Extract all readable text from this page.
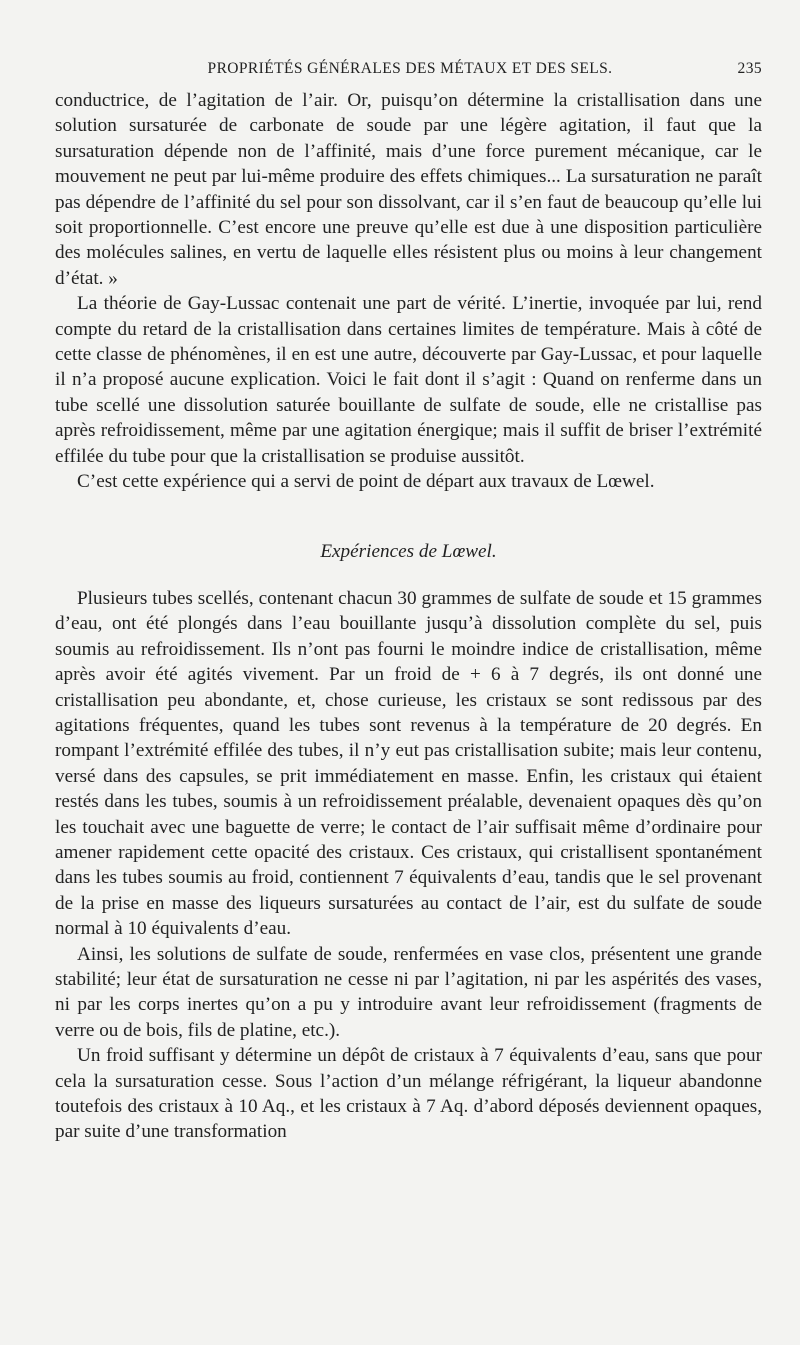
PROPRIÉTÉS GÉNÉRALES DES MÉTAUX ET DES SELS.	235

conductrice, de l’agitation de l’air. Or, puisqu’on détermine la cristallisation dans une solution sursaturée de carbonate de soude par une légère agitation, il faut que la sursaturation dépende non de l’affinité, mais d’une force purement mécanique, car le mouvement ne peut par lui-même produire des effets chimiques... La sursaturation ne paraît pas dépendre de l’affinité du sel pour son dissolvant, car il s’en faut de beaucoup qu’elle lui soit proportionnelle. C’est encore une preuve qu’elle est due à une disposition particulière des molécules salines, en vertu de laquelle elles résistent plus ou moins à leur changement d’état. »

La théorie de Gay-Lussac contenait une part de vérité. L’inertie, invoquée par lui, rend compte du retard de la cristallisation dans certaines limites de température. Mais à côté de cette classe de phénomènes, il en est une autre, découverte par Gay-Lussac, et pour laquelle il n’a proposé aucune explication. Voici le fait dont il s’agit : Quand on renferme dans un tube scellé une dissolution saturée bouillante de sulfate de soude, elle ne cristallise pas après refroidissement, même par une agitation énergique; mais il suffit de briser l’extrémité effilée du tube pour que la cristallisation se produise aussitôt.

C’est cette expérience qui a servi de point de départ aux travaux de Lœwel.

Expériences de Lœwel.

Plusieurs tubes scellés, contenant chacun 30 grammes de sulfate de soude et 15 grammes d’eau, ont été plongés dans l’eau bouillante jusqu’à dissolution complète du sel, puis soumis au refroidissement. Ils n’ont pas fourni le moindre indice de cristallisation, même après avoir été agités vivement. Par un froid de + 6 à 7 degrés, ils ont donné une cristallisation peu abondante, et, chose curieuse, les cristaux se sont redissous par des agitations fréquentes, quand les tubes sont revenus à la température de 20 degrés. En rompant l’extrémité effilée des tubes, il n’y eut pas cristallisation subite; mais leur contenu, versé dans des capsules, se prit immédiatement en masse. Enfin, les cristaux qui étaient restés dans les tubes, soumis à un refroidissement préalable, devenaient opaques dès qu’on les touchait avec une baguette de verre; le contact de l’air suffisait même d’ordinaire pour amener rapidement cette opacité des cristaux. Ces cristaux, qui cristallisent spontanément dans les tubes soumis au froid, contiennent 7 équivalents d’eau, tandis que le sel provenant de la prise en masse des liqueurs sursaturées au contact de l’air, est du sulfate de soude normal à 10 équivalents d’eau.

Ainsi, les solutions de sulfate de soude, renfermées en vase clos, présentent une grande stabilité; leur état de sursaturation ne cesse ni par l’agitation, ni par les aspérités des vases, ni par les corps inertes qu’on a pu y introduire avant leur refroidissement (fragments de verre ou de bois, fils de platine, etc.).

Un froid suffisant y détermine un dépôt de cristaux à 7 équivalents d’eau, sans que pour cela la sursaturation cesse. Sous l’action d’un mélange réfrigérant, la liqueur abandonne toutefois des cristaux à 10 Aq., et les cristaux à 7 Aq. d’abord déposés deviennent opaques, par suite d’une transformation
